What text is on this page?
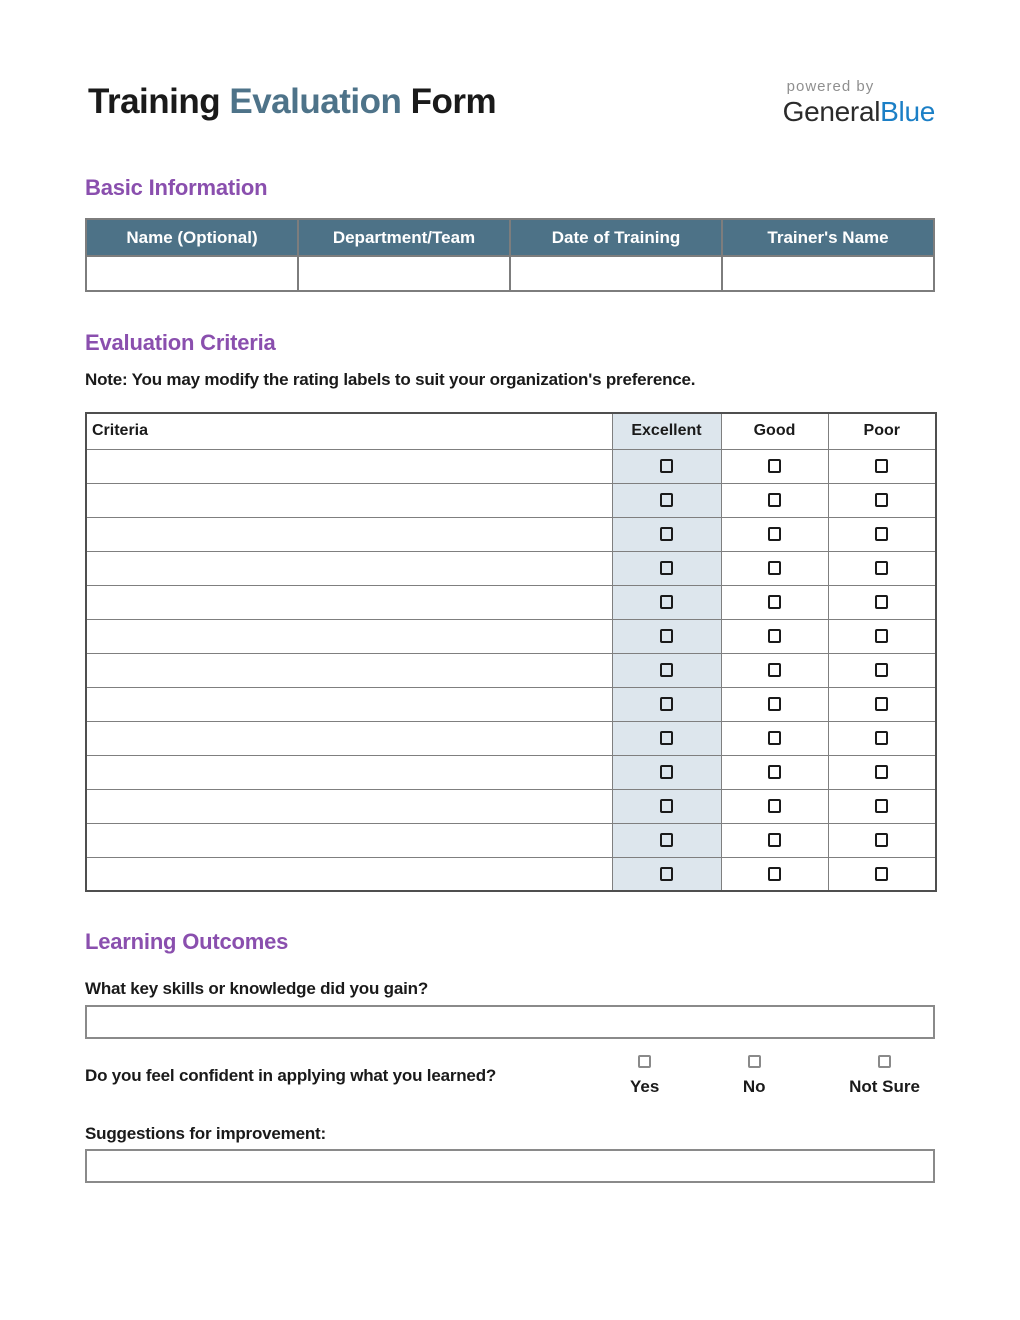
Training Evaluation Form	powered by
GeneralBlue
Basic Information
Name (Optional)	Department/Team	Date of Training	Trainer's Name

Evaluation Criteria
Note: You may modify the rating labels to suit your organization's preference.
Criteria	Excellent	Good	Poor

Learning Outcomes
What key skills or knowledge did you gain?
Do you feel confident in applying what you learned?
Yes	No	Not Sure
Suggestions for improvement:
